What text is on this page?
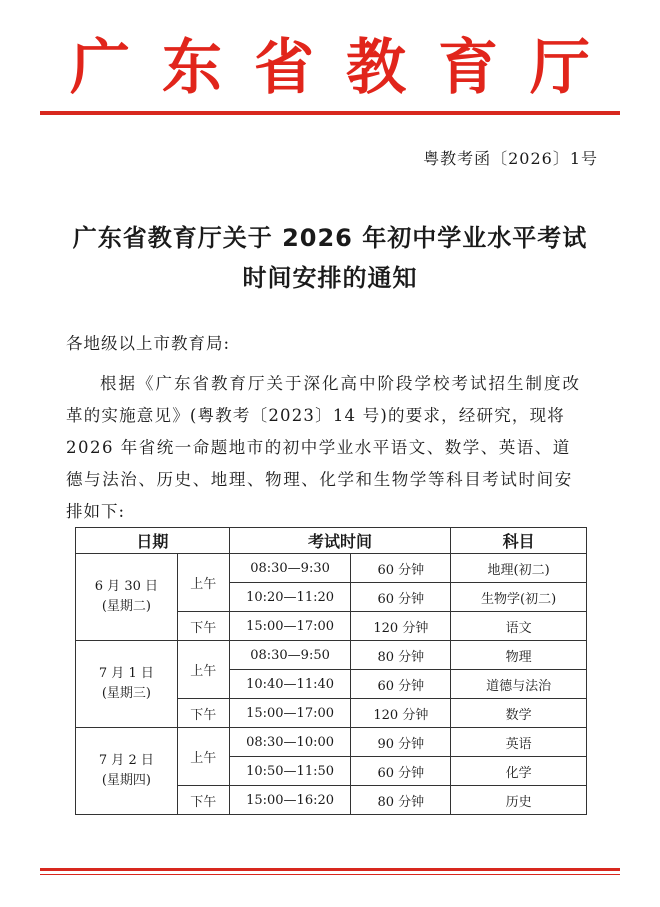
广 东 省 教 育 厅
粤教考函〔2026〕1号
广东省教育厅关于 2026 年初中学业水平考试
时间安排的通知
各地级以上市教育局:
根据《广东省教育厅关于深化高中阶段学校考试招生制度改
革的实施意见》(粤教考〔2023〕14 号)的要求，经研究，现将
2026 年省统一命题地市的初中学业水平语文、数学、英语、道
德与法治、历史、地理、物理、化学和生物学等科目考试时间安
排如下:
日期		考试时间		科目

6 月 30 日
(星期二)	上午	08:30—9:30	60 分钟	地理(初二)
		10:20—11:20	60 分钟	生物学(初二)
	下午	15:00—17:00	120 分钟	语文

7 月 1 日
(星期三)	上午	08:30—9:50	80 分钟	物理
		10:40—11:40	60 分钟	道德与法治
	下午	15:00—17:00	120 分钟	数学

7 月 2 日
(星期四)	上午	08:30—10:00	90 分钟	英语
		10:50—11:50	60 分钟	化学
	下午	15:00—16:20	80 分钟	历史
